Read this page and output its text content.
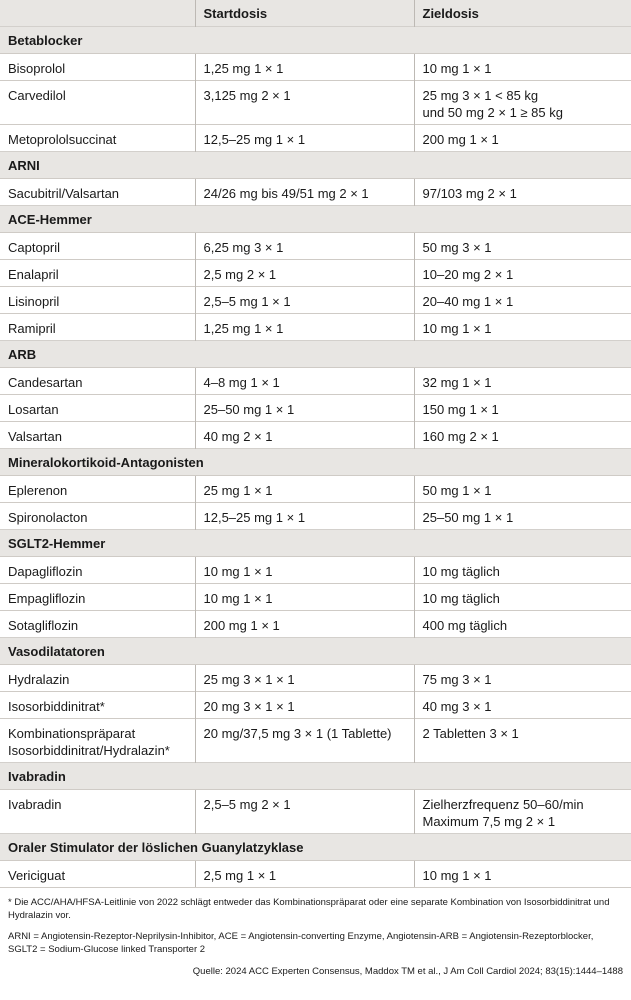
	Startdosis	Zieldosis
Betablocker		

Bisoprolol	1,25 mg 1 × 1	10 mg 1 × 1

Carvedilol	3,125 mg 2 × 1	25 mg 3 × 1 < 85 kg
und 50 mg 2 × 1 ≥ 85 kg

Metoprololsuccinat	12,5–25 mg 1 × 1	200 mg 1 × 1

ARNI		

Sacubitril/Valsartan	24/26 mg bis 49/51 mg 2 × 1	97/103 mg 2 × 1

ACE-Hemmer		

Captopril	6,25 mg 3 × 1	50 mg 3 × 1

Enalapril	2,5 mg 2 × 1	10–20 mg 2 × 1

Lisinopril	2,5–5 mg 1 × 1	20–40 mg 1 × 1

Ramipril	1,25 mg 1 × 1	10 mg 1 × 1

ARB		

Candesartan	4–8 mg 1 × 1	32 mg 1 × 1

Losartan	25–50 mg 1 × 1	150 mg 1 × 1

Valsartan	40 mg 2 × 1	160 mg 2 × 1

Mineralokortikoid-Antagonisten		

Eplerenon	25 mg 1 × 1	50 mg 1 × 1

Spironolacton	12,5–25 mg 1 × 1	25–50 mg 1 × 1

SGLT2-Hemmer		

Dapagliflozin	10 mg 1 × 1	10 mg täglich

Empagliflozin	10 mg 1 × 1	10 mg täglich

Sotagliflozin	200 mg 1 × 1	400 mg täglich

Vasodilatatoren		

Hydralazin	25 mg 3 × 1 × 1	75 mg 3 × 1

Isosorbiddinitrat*	20 mg 3 × 1 × 1	40 mg 3 × 1

Kombinationspräparat
Isosorbiddinitrat/Hydralazin*	20 mg/37,5 mg 3 × 1 (1 Tablette)	2 Tabletten 3 × 1

Ivabradin		

Ivabradin	2,5–5 mg 2 × 1	Zielherzfrequenz 50–60/min
Maximum 7,5 mg 2 × 1

Oraler Stimulator der löslichen Guanylatzyklase		

Vericiguat	2,5 mg 1 × 1	10 mg 1 × 1
* Die ACC/AHA/HFSA-Leitlinie von 2022 schlägt entweder das Kombinationspräparat oder eine separate Kombination von Isosorbiddinitrat und Hydralazin vor.
ARNI = Angiotensin-Rezeptor-Neprilysin-Inhibitor, ACE = Angiotensin-converting Enzyme, Angiotensin-ARB = Angiotensin-Rezeptorblocker, SGLT2 = Sodium-Glucose linked Transporter 2
Quelle: 2024 ACC Experten Consensus, Maddox TM et al., J Am Coll Cardiol 2024; 83(15):1444–1488
